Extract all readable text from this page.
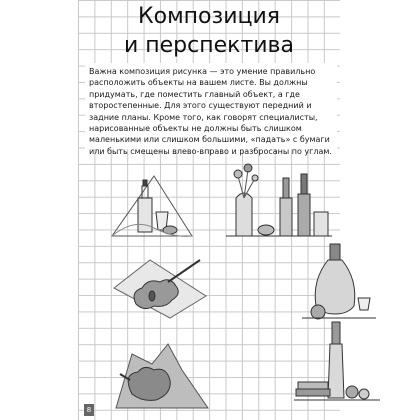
Композиция
и перспектива

Важна композиция рисунка — это умение правильно расположить объекты на вашем листе. Вы должны придумать, где поместить главный объект, а где второстепенные. Для этого существуют передний и задние планы. Кроме того, как говорят специалисты, нарисованные объекты не должны быть слишком маленькими или слишком большими, «падать» с бумаги или быть смещены влево-вправо и разбросаны по углам.

8
